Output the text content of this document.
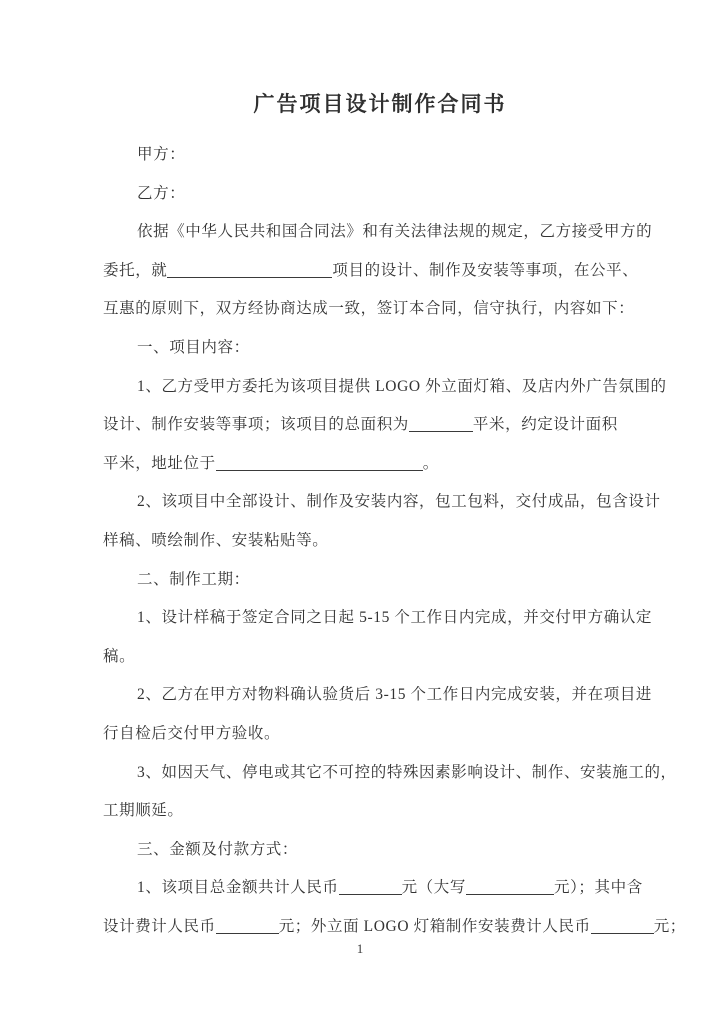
广告项目设计制作合同书
甲方：
乙方：
依据《中华人民共和国合同法》和有关法律法规的规定，乙方接受甲方的
委托，就	项目的设计、制作及安装等事项，在公平、
互惠的原则下，双方经协商达成一致，签订本合同，信守执行，内容如下：
一、项目内容：
1、乙方受甲方委托为该项目提供 LOGO 外立面灯箱、及店内外广告氛围的
设计、制作安装等事项；该项目的总面积为	平米，约定设计面积
平米，地址位于	。
2、该项目中全部设计、制作及安装内容，包工包料，交付成品，包含设计
样稿、喷绘制作、安装粘贴等。
二、制作工期：
1、设计样稿于签定合同之日起 5-15 个工作日内完成，并交付甲方确认定
稿。
2、乙方在甲方对物料确认验货后 3-15 个工作日内完成安装，并在项目进
行自检后交付甲方验收。
3、如因天气、停电或其它不可控的特殊因素影响设计、制作、安装施工的，
工期顺延。
三、金额及付款方式：
1、该项目总金额共计人民币	元（大写	元）；其中含
设计费计人民币	元；外立面 LOGO 灯箱制作安装费计人民币	元；
1
